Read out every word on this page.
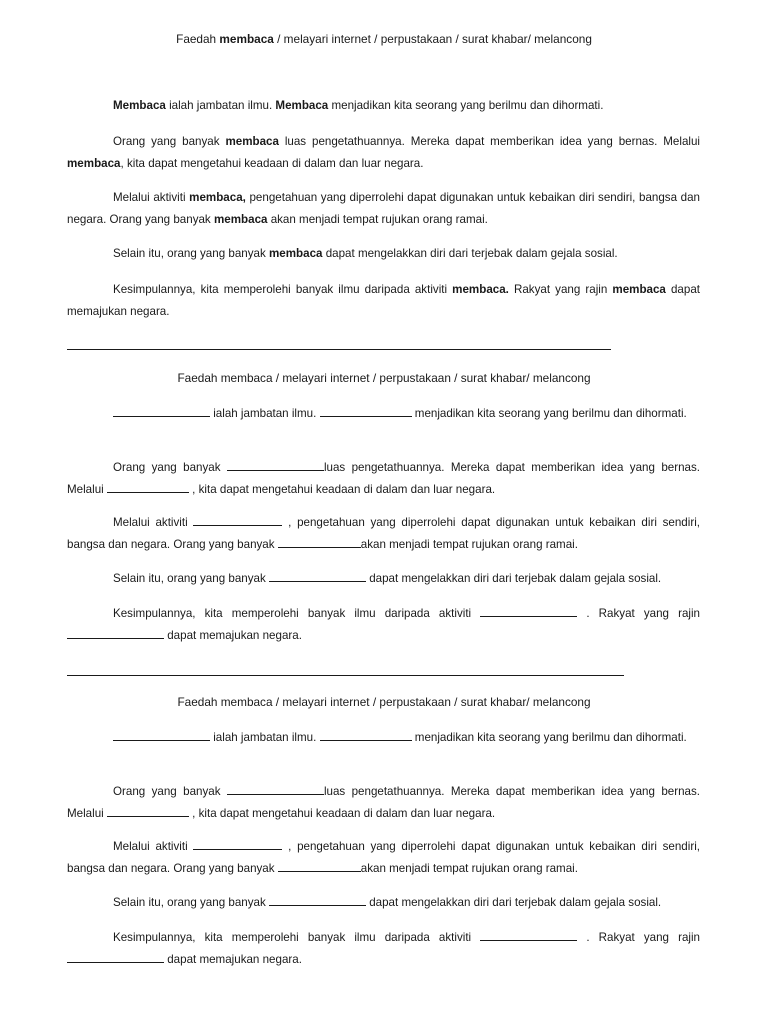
Faedah membaca / melayari internet / perpustakaan / surat khabar/ melancong
Membaca ialah jambatan ilmu. Membaca menjadikan kita seorang yang berilmu dan dihormati.
Orang yang banyak membaca luas pengetathuannya. Mereka dapat memberikan idea yang bernas. Melalui membaca, kita dapat mengetahui keadaan di dalam dan luar negara.
Melalui aktiviti membaca, pengetahuan yang diperrolehi dapat digunakan untuk kebaikan diri sendiri, bangsa dan negara. Orang yang banyak membaca akan menjadi tempat rujukan orang ramai.
Selain itu, orang yang banyak membaca dapat mengelakkan diri dari terjebak dalam gejala sosial.
Kesimpulannya, kita memperolehi banyak ilmu daripada aktiviti membaca. Rakyat yang rajin membaca dapat memajukan negara.
Faedah membaca / melayari internet / perpustakaan / surat khabar/ melancong
ialah jambatan ilmu.	menjadikan kita seorang yang berilmu dan dihormati.
Orang yang banyak	luas pengetathuannya. Mereka dapat memberikan idea yang bernas. Melalui	, kita dapat mengetahui keadaan di dalam dan luar negara.
Melalui aktiviti	, pengetahuan yang diperrolehi dapat digunakan untuk kebaikan diri sendiri, bangsa dan negara. Orang yang banyak	akan menjadi tempat rujukan orang ramai.
Selain itu, orang yang banyak	dapat mengelakkan diri dari terjebak dalam gejala sosial.
Kesimpulannya, kita memperolehi banyak ilmu daripada aktiviti	. Rakyat yang rajin  dapat memajukan negara.
Faedah membaca / melayari internet / perpustakaan / surat khabar/ melancong
ialah jambatan ilmu.	menjadikan kita seorang yang berilmu dan dihormati.
Orang yang banyak	luas pengetathuannya. Mereka dapat memberikan idea yang bernas. Melalui	, kita dapat mengetahui keadaan di dalam dan luar negara.
Melalui aktiviti	, pengetahuan yang diperrolehi dapat digunakan untuk kebaikan diri sendiri, bangsa dan negara. Orang yang banyak	akan menjadi tempat rujukan orang ramai.
Selain itu, orang yang banyak	dapat mengelakkan diri dari terjebak dalam gejala sosial.
Kesimpulannya, kita memperolehi banyak ilmu daripada aktiviti	. Rakyat yang rajin  dapat memajukan negara.
